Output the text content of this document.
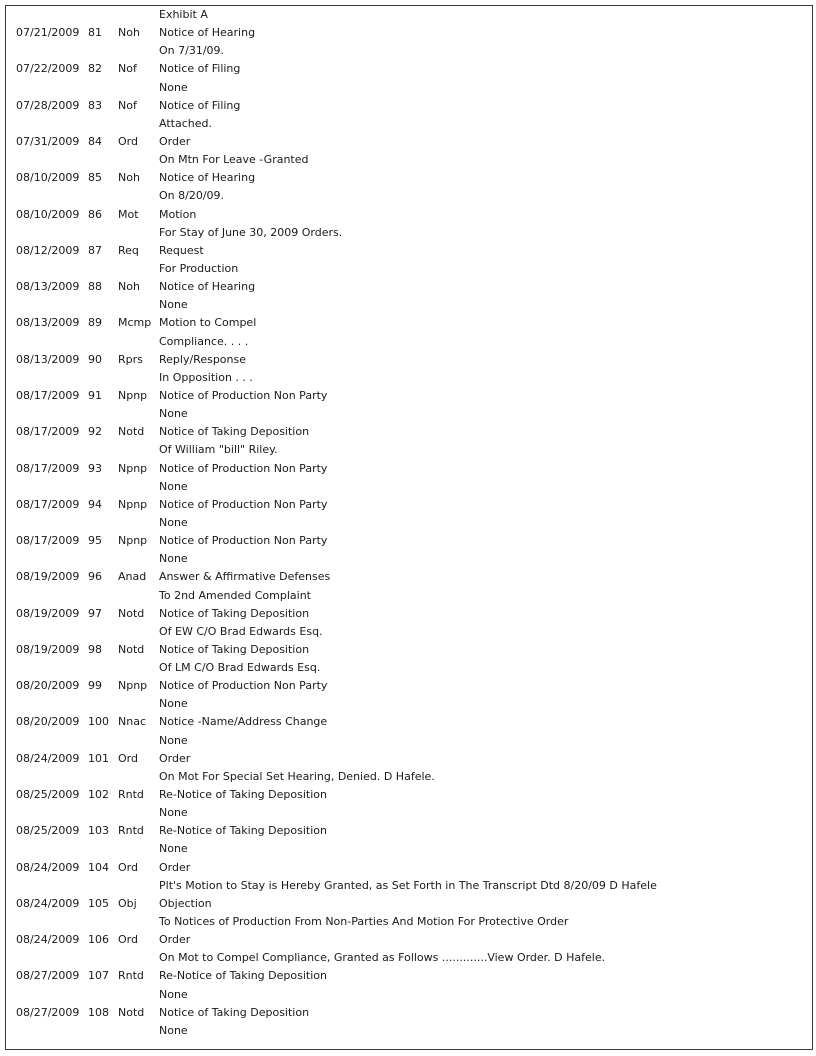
Exhibit A
07/21/2009 81 Noh Notice of Hearing
On 7/31/09.
07/22/2009 82 Nof Notice of Filing
None
07/28/2009 83 Nof Notice of Filing
Attached.
07/31/2009 84 Ord Order
On Mtn For Leave -Granted
08/10/2009 85 Noh Notice of Hearing
On 8/20/09.
08/10/2009 86 Mot Motion
For Stay of June 30, 2009 Orders.
08/12/2009 87 Req Request
For Production
08/13/2009 88 Noh Notice of Hearing
None
08/13/2009 89 Mcmp Motion to Compel
Compliance. . . .
08/13/2009 90 Rprs Reply/Response
In Opposition . . .
08/17/2009 91 Npnp Notice of Production Non Party
None
08/17/2009 92 Notd Notice of Taking Deposition
Of William "bill" Riley.
08/17/2009 93 Npnp Notice of Production Non Party
None
08/17/2009 94 Npnp Notice of Production Non Party
None
08/17/2009 95 Npnp Notice of Production Non Party
None
08/19/2009 96 Anad Answer & Affirmative Defenses
To 2nd Amended Complaint
08/19/2009 97 Notd Notice of Taking Deposition
Of EW C/O Brad Edwards Esq.
08/19/2009 98 Notd Notice of Taking Deposition
Of LM C/O Brad Edwards Esq.
08/20/2009 99 Npnp Notice of Production Non Party
None
08/20/2009 100 Nnac Notice -Name/Address Change
None
08/24/2009 101 Ord Order
On Mot For Special Set Hearing, Denied. D Hafele.
08/25/2009 102 Rntd Re-Notice of Taking Deposition
None
08/25/2009 103 Rntd Re-Notice of Taking Deposition
None
08/24/2009 104 Ord Order
Plt's Motion to Stay is Hereby Granted, as Set Forth in The Transcript Dtd 8/20/09 D Hafele
08/24/2009 105 Obj Objection
To Notices of Production From Non-Parties And Motion For Protective Order
08/24/2009 106 Ord Order
On Mot to Compel Compliance, Granted as Follows .............View Order. D Hafele.
08/27/2009 107 Rntd Re-Notice of Taking Deposition
None
08/27/2009 108 Notd Notice of Taking Deposition
None
